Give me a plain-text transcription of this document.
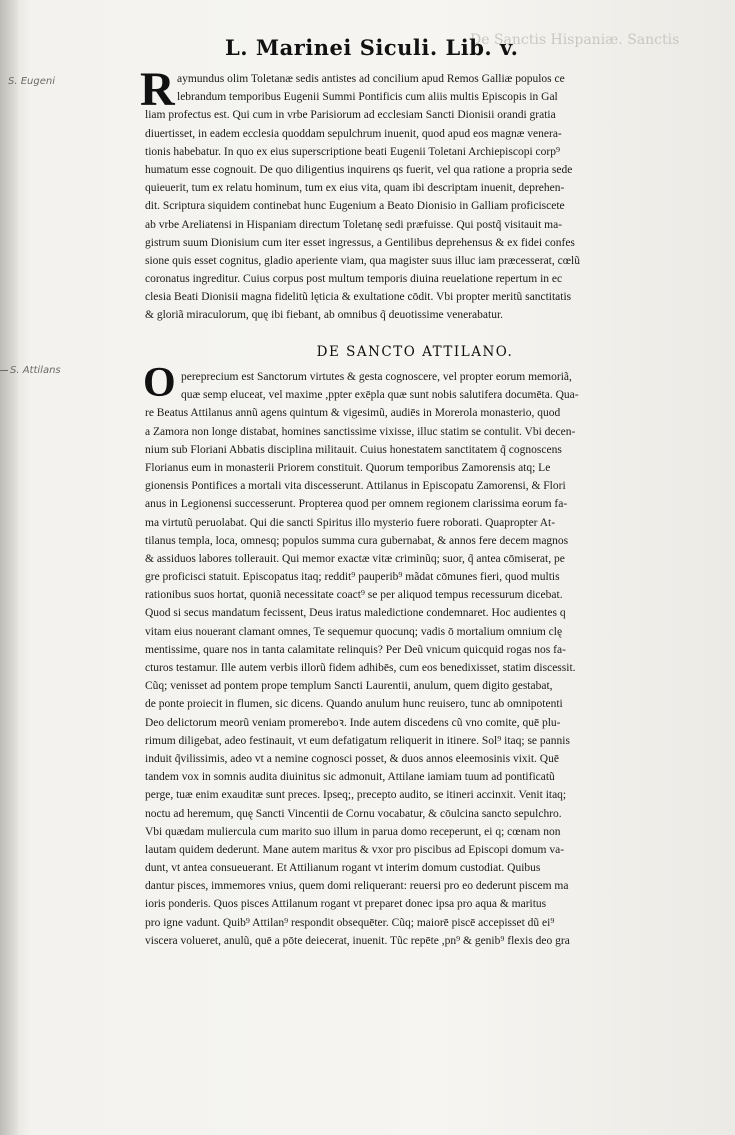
De Sanctis Hispaniæ. Sanctis
L. Marinei Siculi. Lib. v.
S. Eugeni
S. Attilans
R aymundus olim Toletanæ sedis antistes ad concilium apud Remos Galliæ populos ce
lebrandum temporibus Eugenii Summi Pontificis cum aliis multis Episcopis in Gal
liam profectus est. Qui cum in vrbe Parisiorum ad ecclesiam Sancti Dionisii orandi gratia
diuertisset, in eadem ecclesia quoddam sepulchrum inuenit, quod apud eos magnæ venera-
tionis habebatur. In quo ex eius superscriptione beati Eugenii Toletani Archiepiscopi corp⁹
humatum esse cognouit. De quo diligentius inquirens qs fuerit, vel qua ratione a propria sede
quieuerit, tum ex relatu hominum, tum ex eius vita, quam ibi descriptam inuenit, deprehen-
dit. Scriptura siquidem continebat hunc Eugenium a Beato Dionisio in Galliam proficiscete
ab vrbe Areliatensi in Hispaniam directum Toletanę sedi præfuisse. Qui postq̃ visitauit ma-
gistrum suum Dionisium cum iter esset ingressus, a Gentilibus deprehensus & ex fidei confes
sione quis esset cognitus, gladio aperiente viam, qua magister suus illuc iam præcesserat, cœlũ
coronatus ingreditur. Cuius corpus post multum temporis diuina reuelatione repertum in ec
clesia Beati Dionisii magna fidelitũ lęticia & exultatione cōdit. Vbi propter meritũ sanctitatis
& gloriã miraculorum, quę ibi fiebant, ab omnibus q̃ deuotissime venerabatur.
DE SANCTO ATTILANO.
O pereprecium est Sanctorum virtutes & gesta cognoscere, vel propter eorum memoriã,
quæ semp eluceat, vel maxime ,ppter exēpla quæ sunt nobis salutifera documēta. Qua-
re Beatus Attilanus annũ agens quintum & vigesimũ, audiēs in Morerola monasterio, quod
a Zamora non longe distabat, homines sanctissime vixisse, illuc statim se contulit. Vbi decen-
nium sub Floriani Abbatis disciplina militauit. Cuius honestatem sanctitatem q̃ cognoscens
Florianus eum in monasterii Priorem constituit. Quorum temporibus Zamorensis atq; Le
gionensis Pontifices a mortali vita discesserunt. Attilanus in Episcopatu Zamorensi, & Flori
anus in Legionensi successerunt. Propterea quod per omnem regionem clarissima eorum fa-
ma virtutũ peruolabat. Qui die sancti Spiritus illo mysterio fuere roborati. Quapropter At-
tilanus templa, loca, omnesq; populos summa cura gubernabat, & annos fere decem magnos
& assiduos labores tollerauit. Qui memor exactæ vitæ criminũq; suor, q̃ antea cōmiserat, pe
gre proficisci statuit. Episcopatus itaq; reddit⁹ pauperib⁹ mãdat cōmunes fieri, quod multis
rationibus suos hortat, quoniã necessitate coact⁹ se per aliquod tempus recessurum dicebat.
Quod si secus mandatum fecissent, Deus iratus maledictione condemnaret. Hoc audientes q
vitam eius nouerant clamant omnes, Te sequemur quocunq; vadis ō mortalium omnium clę
mentissime, quare nos in tanta calamitate relinquis? Per Deũ vnicum quicquid rogas nos fa-
cturos testamur. Ille autem verbis illorũ fidem adhibēs, cum eos benedixisset, statim discessit.
Cũq; venisset ad pontem prope templum Sancti Laurentii, anulum, quem digito gestabat,
de ponte proiecit in flumen, sic dicens. Quando anulum hunc reuisero, tunc ab omnipotenti
Deo delictorum meorũ veniam promereboꝛ. Inde autem discedens cũ vno comite, quē plu-
rimum diligebat, adeo festinauit, vt eum defatigatum reliquerit in itinere. Sol⁹ itaq; se pannis
induit q̃vilissimis, adeo vt a nemine cognosci posset, & duos annos eleemosinis vixit. Quē
tandem vox in somnis audita diuinitus sic admonuit, Attilane iamiam tuum ad pontificatũ
perge, tuæ enim exauditæ sunt preces. Ipseq;, precepto audito, se itineri accinxit. Venit itaq;
noctu ad heremum, quę Sancti Vincentii de Cornu vocabatur, & cōulcina sancto sepulchro.
Vbi quædam muliercula cum marito suo illum in parua domo receperunt, ei q; cœnam non
lautam quidem dederunt. Mane autem maritus & vxor pro piscibus ad Episcopi domum va-
dunt, vt antea consueuerant. Et Attilianum rogant vt interim domum custodiat. Quibus
dantur pisces, immemores vnius, quem domi reliquerant: reuersi pro eo dederunt piscem ma
ioris ponderis. Quos pisces Attilanum rogant vt preparet donec ipsa pro aqua & maritus
pro igne vadunt. Quib⁹ Attilan⁹ respondit obsequēter. Cũq; maiorē piscē accepisset dũ ei⁹
viscera volueret, anulũ, quē a pōte deiecerat, inuenit. Tũc repēte ,pn⁹ & genib⁹ flexis deo gra
